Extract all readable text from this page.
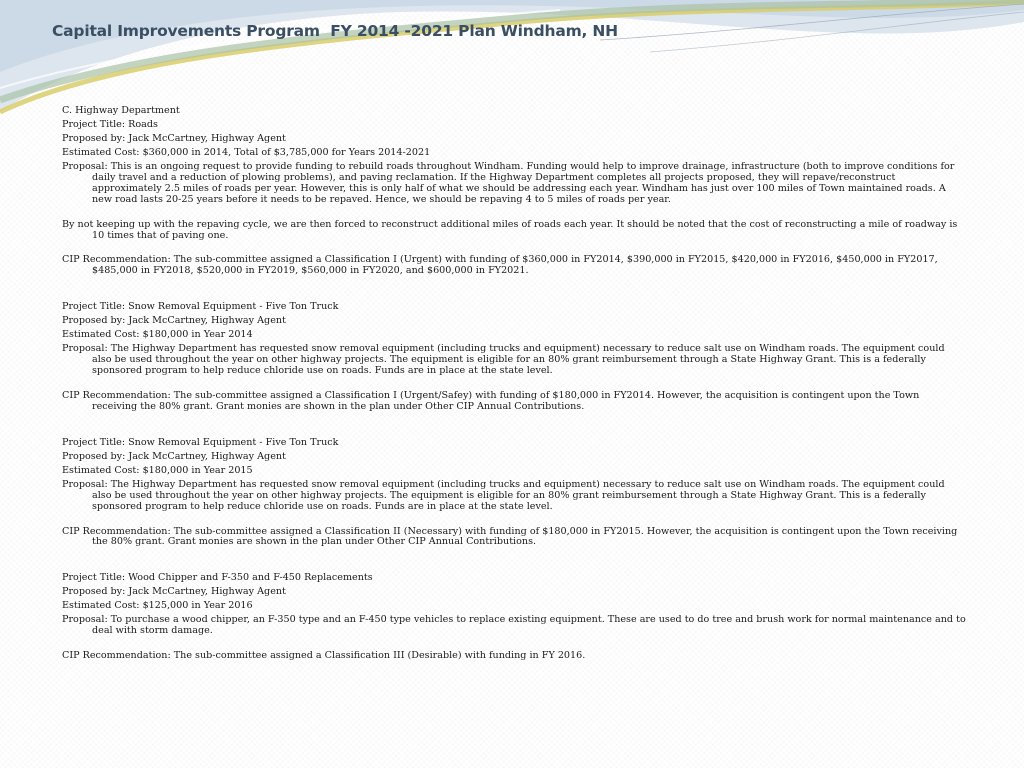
Capital Improvements Program  FY 2014 -2021 Plan Windham, NH

C. Highway Department

Project Title: Roads

Proposed by: Jack McCartney, Highway Agent

Estimated Cost: $360,000 in 2014, Total of $3,785,000 for Years 2014-2021

Proposal: This is an ongoing request to provide funding to rebuild roads throughout Windham. Funding would help to improve drainage, infrastructure (both to improve conditions for daily travel and a reduction of plowing problems), and paving reclamation. If the Highway Department completes all projects proposed, they will repave/reconstruct approximately 2.5 miles of roads per year. However, this is only half of what we should be addressing each year. Windham has just over 100 miles of Town maintained roads. A new road lasts 20-25 years before it needs to be repaved. Hence, we should be repaving 4 to 5 miles of roads per year.

By not keeping up with the repaving cycle, we are then forced to reconstruct additional miles of roads each year. It should be noted that the cost of reconstructing a mile of roadway is 10 times that of paving one.

CIP Recommendation: The sub-committee assigned a Classification I (Urgent) with funding of $360,000 in FY2014, $390,000 in FY2015, $420,000 in FY2016, $450,000 in FY2017, $485,000 in FY2018, $520,000 in FY2019, $560,000 in FY2020, and $600,000 in FY2021.

Project Title: Snow Removal Equipment - Five Ton Truck

Proposed by: Jack McCartney, Highway Agent

Estimated Cost: $180,000 in Year 2014

Proposal: The Highway Department has requested snow removal equipment (including trucks and equipment) necessary to reduce salt use on Windham roads. The equipment could also be used throughout the year on other highway projects. The equipment is eligible for an 80% grant reimbursement through a State Highway Grant. This is a federally sponsored program to help reduce chloride use on roads. Funds are in place at the state level.

CIP Recommendation: The sub-committee assigned a Classification I (Urgent/Safey) with funding of $180,000 in FY2014. However, the acquisition is contingent upon the Town receiving the 80% grant. Grant monies are shown in the plan under Other CIP Annual Contributions.

Project Title: Snow Removal Equipment - Five Ton Truck

Proposed by: Jack McCartney, Highway Agent

Estimated Cost: $180,000 in Year 2015

Proposal: The Highway Department has requested snow removal equipment (including trucks and equipment) necessary to reduce salt use on Windham roads. The equipment could also be used throughout the year on other highway projects. The equipment is eligible for an 80% grant reimbursement through a State Highway Grant. This is a federally sponsored program to help reduce chloride use on roads. Funds are in place at the state level.

CIP Recommendation: The sub-committee assigned a Classification II (Necessary) with funding of $180,000 in FY2015. However, the acquisition is contingent upon the Town receiving the 80% grant. Grant monies are shown in the plan under Other CIP Annual Contributions.

Project Title: Wood Chipper and F-350 and F-450 Replacements

Proposed by: Jack McCartney, Highway Agent

Estimated Cost: $125,000 in Year 2016

Proposal: To purchase a wood chipper, an F-350 type and an F-450 type vehicles to replace existing equipment. These are used to do tree and brush work for normal maintenance and to deal with storm damage.

CIP Recommendation: The sub-committee assigned a Classification III (Desirable) with funding in FY 2016.
